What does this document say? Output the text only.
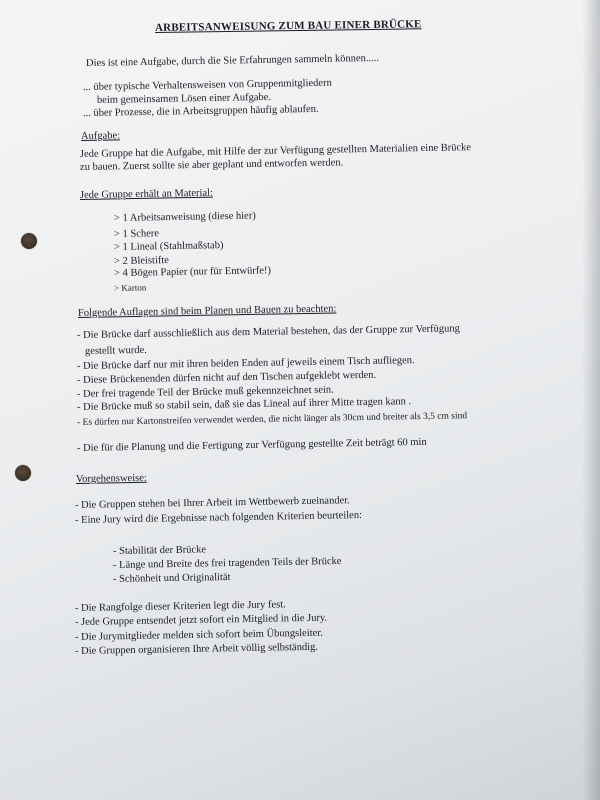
ARBEITSANWEISUNG ZUM BAU EINER BRÜCKE
Dies ist eine Aufgabe, durch die Sie Erfahrungen sammeln können.....
... über typische Verhaltensweisen von Gruppenmitgliedern
beim gemeinsamen Lösen einer Aufgabe.
... über Prozesse, die in Arbeitsgruppen häufig ablaufen.
Aufgabe:
Jede Gruppe hat die Aufgabe, mit Hilfe der zur Verfügung gestellten Materialien eine Brücke
zu bauen. Zuerst sollte sie aber geplant und entworfen werden.
Jede Gruppe erhält an Material:
> 1 Arbeitsanweisung (diese hier)
> 1 Schere
> 1 Lineal (Stahlmaßstab)
> 2 Bleistifte
> 4 Bögen Papier (nur für Entwürfe!)
> Karton
Folgende Auflagen sind beim Planen und Bauen zu beachten:
- Die Brücke darf ausschließlich aus dem Material bestehen, das der Gruppe zur Verfügung
gestellt wurde.
- Die Brücke darf nur mit ihren beiden Enden auf jeweils einem Tisch aufliegen.
- Diese Brückenenden dürfen nicht auf den Tischen aufgeklebt werden.
- Der frei tragende Teil der Brücke muß gekennzeichnet sein.
- Die Brücke muß so stabil sein, daß sie das Lineal auf ihrer Mitte tragen kann .
- Es dürfen nur Kartonstreifen verwendet werden, die nicht länger als 30cm und breiter als 3,5 cm sind
- Die für die Planung und die Fertigung zur Verfügung gestellte Zeit beträgt 60 min
Vorgehensweise:
- Die Gruppen stehen bei Ihrer Arbeit im Wettbewerb zueinander.
- Eine Jury wird die Ergebnisse nach folgenden Kriterien beurteilen:
- Stabilität der Brücke
- Länge und Breite des frei tragenden Teils der Brücke
- Schönheit und Originalität
- Die Rangfolge dieser Kriterien legt die Jury fest.
- Jede Gruppe entsendet jetzt sofort ein Mitglied in die Jury.
- Die Jurymitglieder melden sich sofort beim Übungsleiter.
- Die Gruppen organisieren Ihre Arbeit völlig selbständig.
